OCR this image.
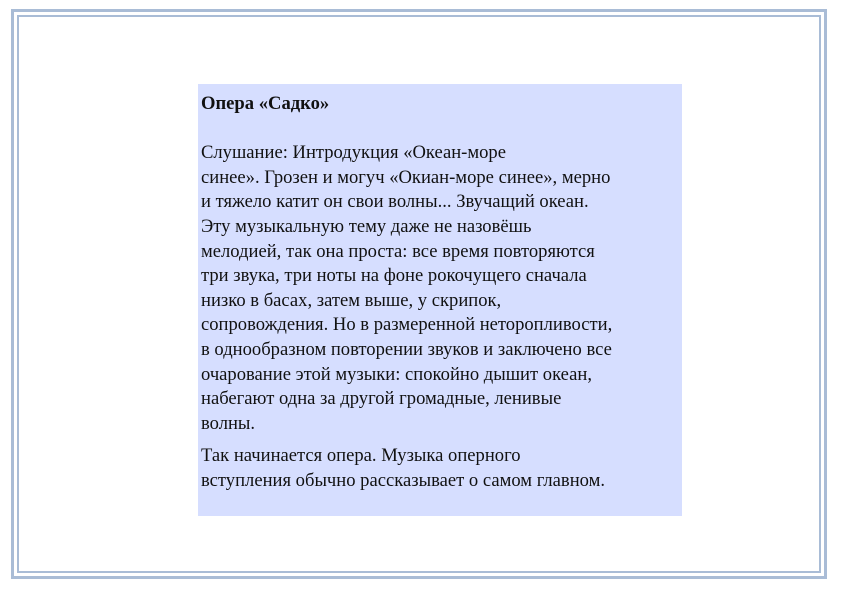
Опера «Садко»
Слушание: Интродукция «Океан-море
синее». Грозен и могуч «Окиан-море синее», мерно
и тяжело катит он свои волны... Звучащий океан.
Эту музыкальную тему даже не назовёшь
мелодией, так она проста: все время повторяются
три звука, три ноты на фоне рокочущего сначала
низко в басах, затем выше, у скрипок,
сопровождения. Но в размеренной неторопливости,
в однообразном повторении звуков и заключено все
очарование этой музыки: спокойно дышит океан,
набегают одна за другой громадные, ленивые
волны.
Так начинается опера. Музыка оперного
вступления обычно рассказывает о самом главном.
